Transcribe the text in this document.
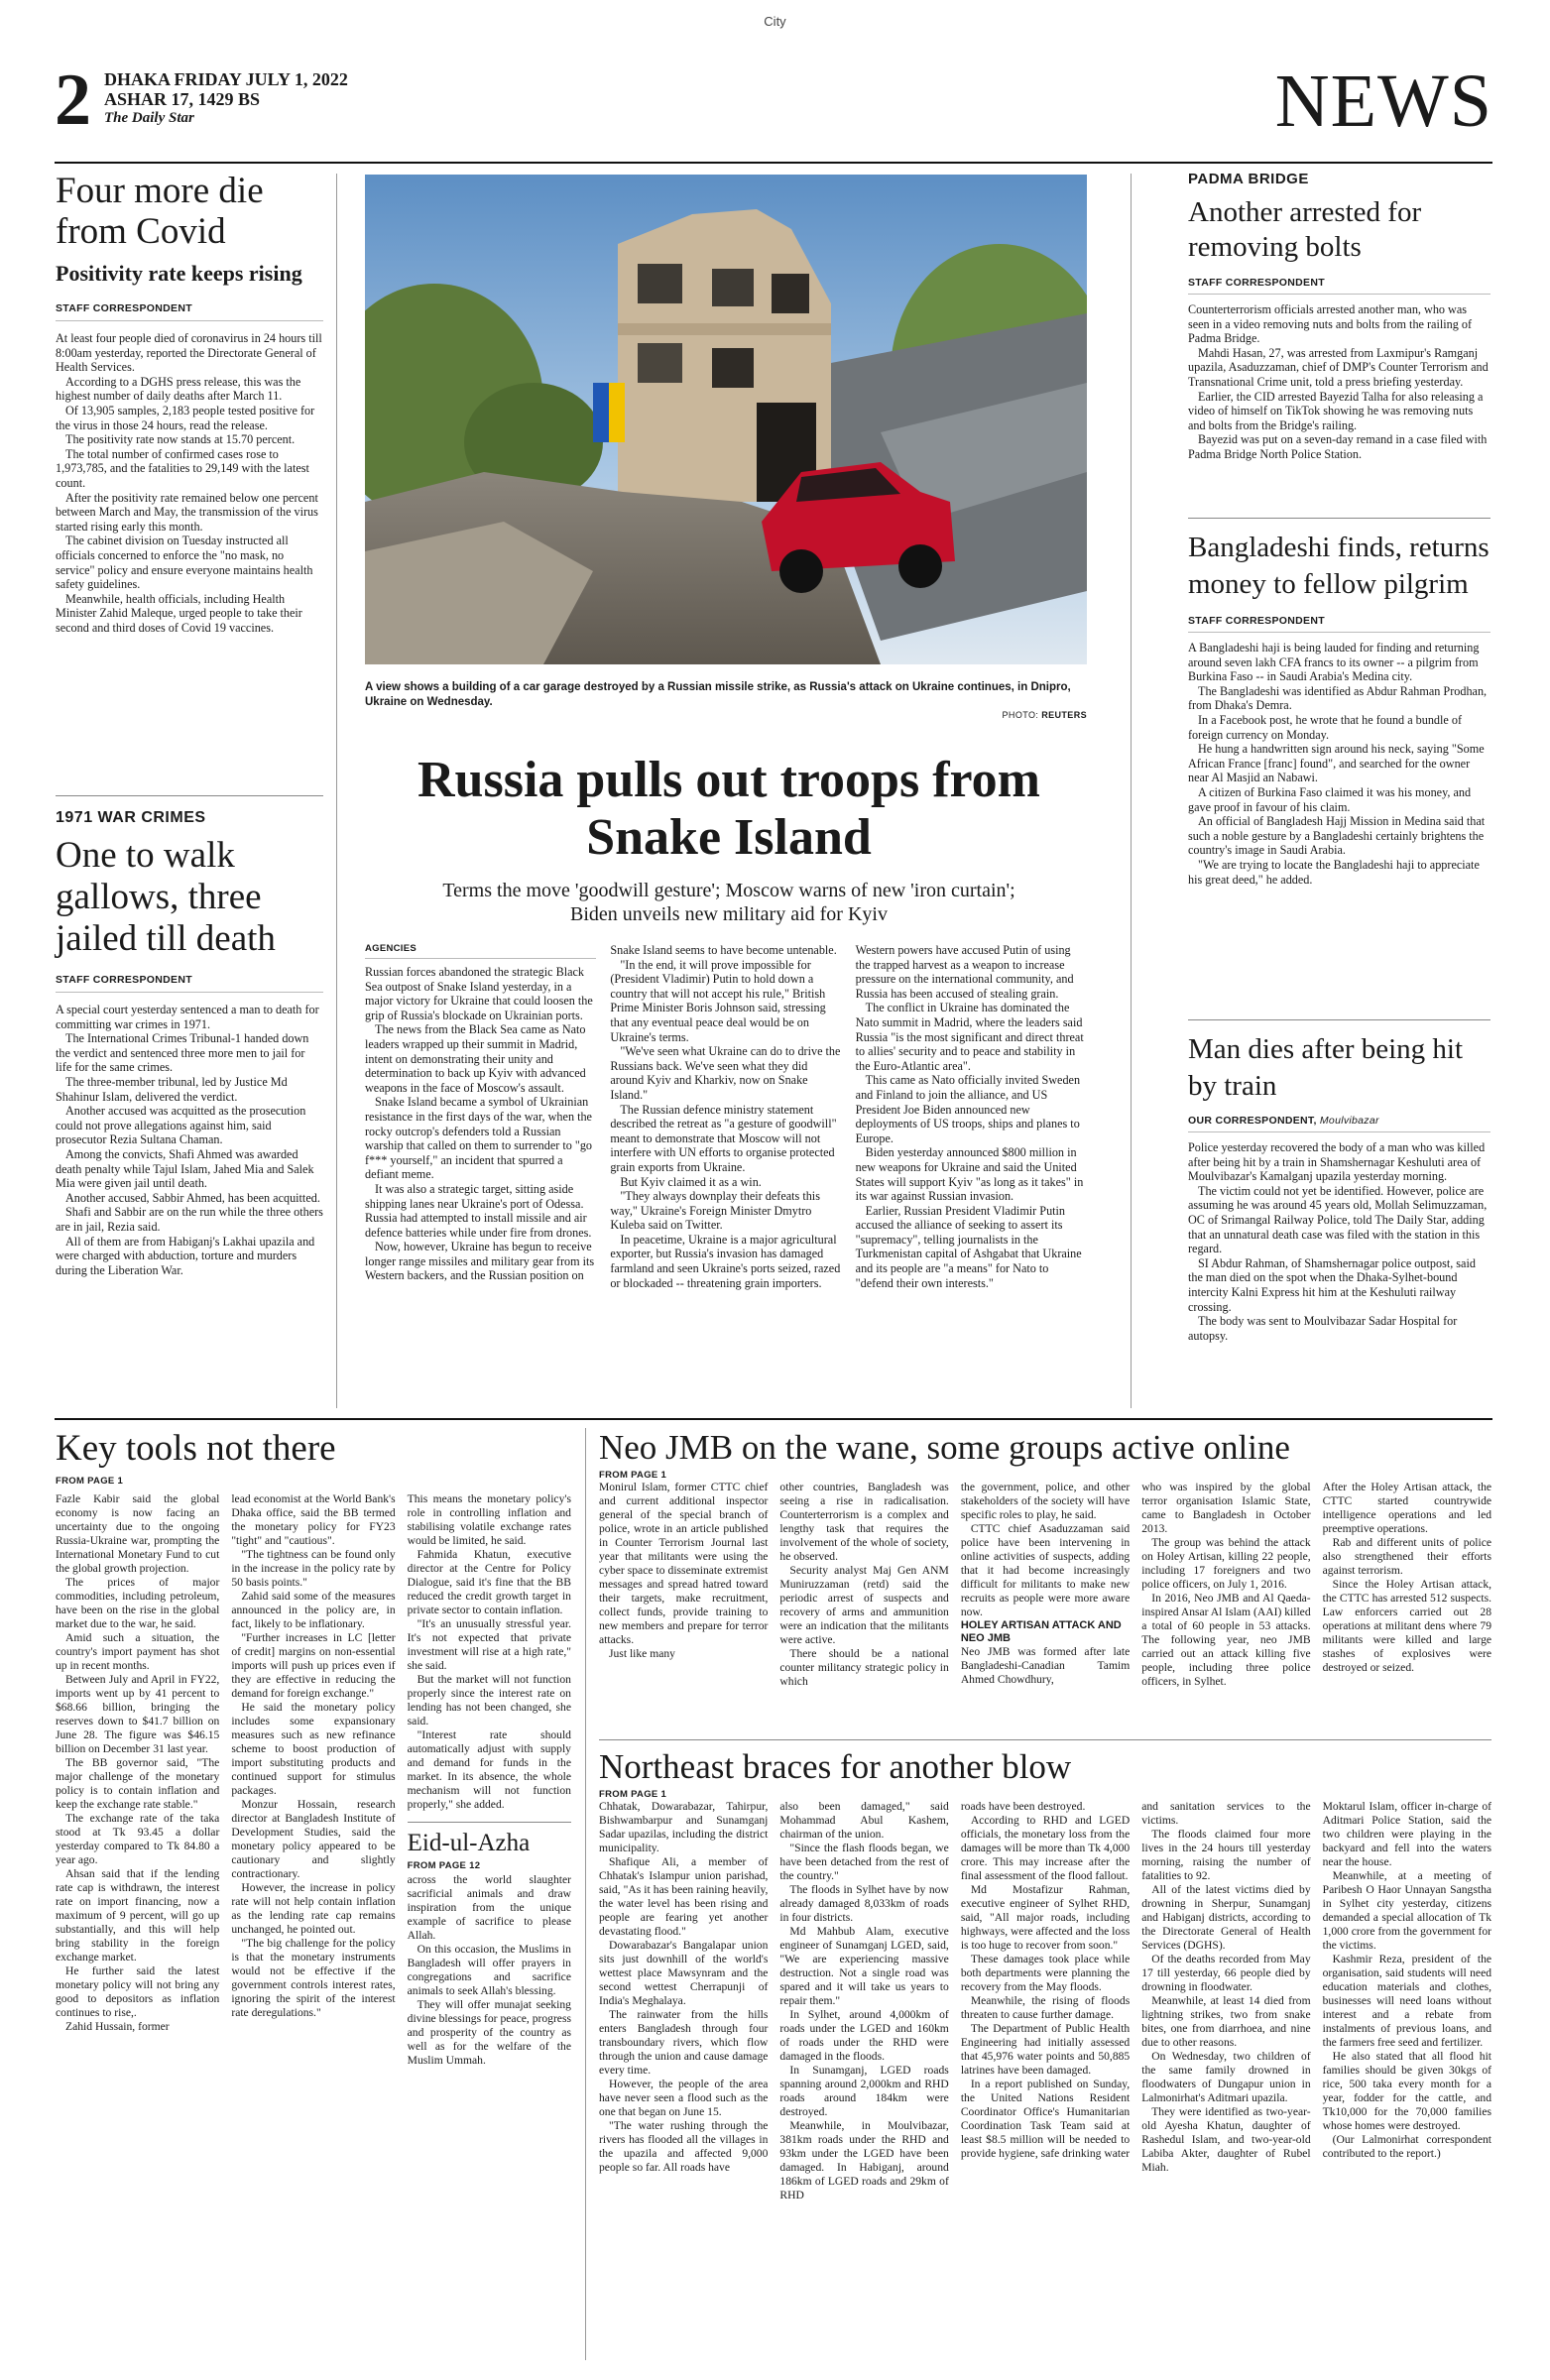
City
2 DHAKA FRIDAY JULY 1, 2022
ASHAR 17, 1429 BS
The Daily Star	NEWS
Four more die from Covid
Positivity rate keeps rising
STAFF CORRESPONDENT

At least four people died of coronavirus in 24 hours till 8:00am yesterday, reported the Directorate General of Health Services.

According to a DGHS press release, this was the highest number of daily deaths after March 11.

Of 13,905 samples, 2,183 people tested positive for the virus in those 24 hours, read the release.

The positivity rate now stands at 15.70 percent.

The total number of confirmed cases rose to 1,973,785, and the fatalities to 29,149 with the latest count.

After the positivity rate remained below one percent between March and May, the transmission of the virus started rising early this month.

The cabinet division on Tuesday instructed all officials concerned to enforce the "no mask, no service" policy and ensure everyone maintains health safety guidelines.

Meanwhile, health officials, including Health Minister Zahid Maleque, urged people to take their second and third doses of Covid 19 vaccines.

1971 WAR CRIMES
One to walk gallows, three jailed till death
STAFF CORRESPONDENT

A special court yesterday sentenced a man to death for committing war crimes in 1971.

The International Crimes Tribunal-1 handed down the verdict and sentenced three more men to jail for life for the same crimes.

The three-member tribunal, led by Justice Md Shahinur Islam, delivered the verdict.

Another accused was acquitted as the prosecution could not prove allegations against him, said prosecutor Rezia Sultana Chaman.

Among the convicts, Shafi Ahmed was awarded death penalty while Tajul Islam, Jahed Mia and Salek Mia were given jail until death.

Another accused, Sabbir Ahmed, has been acquitted.

Shafi and Sabbir are on the run while the three others are in jail, Rezia said.

All of them are from Habiganj's Lakhai upazila and were charged with abduction, torture and murders during the Liberation War.

A view shows a building of a car garage destroyed by a Russian missile strike, as Russia's attack on Ukraine continues, in Dnipro, Ukraine on Wednesday.
PHOTO: REUTERS
Russia pulls out troops from Snake Island
Terms the move 'goodwill gesture'; Moscow warns of new 'iron curtain'; Biden unveils new military aid for Kyiv
AGENCIES

Russian forces abandoned the strategic Black Sea outpost of Snake Island yesterday, in a major victory for Ukraine that could loosen the grip of Russia's blockade on Ukrainian ports.

The news from the Black Sea came as Nato leaders wrapped up their summit in Madrid, intent on demonstrating their unity and determination to back up Kyiv with advanced weapons in the face of Moscow's assault.

Snake Island became a symbol of Ukrainian resistance in the first days of the war, when the rocky outcrop's defenders told a Russian warship that called on them to surrender to "go f*** yourself," an incident that spurred a defiant meme.

It was also a strategic target, sitting aside shipping lanes near Ukraine's port of Odessa. Russia had attempted to install missile and air defence batteries while under fire from drones.

Now, however, Ukraine has begun to receive longer range missiles and military gear from its Western backers, and the Russian position on

Snake Island seems to have become untenable.

"In the end, it will prove impossible for (President Vladimir) Putin to hold down a country that will not accept his rule," British Prime Minister Boris Johnson said, stressing that any eventual peace deal would be on Ukraine's terms.

"We've seen what Ukraine can do to drive the Russians back. We've seen what they did around Kyiv and Kharkiv, now on Snake Island."

The Russian defence ministry statement described the retreat as "a gesture of goodwill" meant to demonstrate that Moscow will not interfere with UN efforts to organise protected grain exports from Ukraine.

But Kyiv claimed it as a win.

"They always downplay their defeats this way," Ukraine's Foreign Minister Dmytro Kuleba said on Twitter.

In peacetime, Ukraine is a major agricultural exporter, but Russia's invasion has damaged farmland and seen Ukraine's ports seized, razed or blockaded -- threatening grain importers.

Western powers have accused Putin of using the trapped harvest as a weapon to increase pressure on the international community, and Russia has been accused of stealing grain.

The conflict in Ukraine has dominated the Nato summit in Madrid, where the leaders said Russia "is the most significant and direct threat to allies' security and to peace and stability in the Euro-Atlantic area".

This came as Nato officially invited Sweden and Finland to join the alliance, and US President Joe Biden announced new deployments of US troops, ships and planes to Europe.

Biden yesterday announced $800 million in new weapons for Ukraine and said the United States will support Kyiv "as long as it takes" in its war against Russian invasion.

Earlier, Russian President Vladimir Putin accused the alliance of seeking to assert its "supremacy", telling journalists in the Turkmenistan capital of Ashgabat that Ukraine and its people are "a means" for Nato to "defend their own interests."

PADMA BRIDGE
Another arrested for removing bolts
STAFF CORRESPONDENT

Counterterrorism officials arrested another man, who was seen in a video removing nuts and bolts from the railing of Padma Bridge.

Mahdi Hasan, 27, was arrested from Laxmipur's Ramganj upazila, Asaduzzaman, chief of DMP's Counter Terrorism and Transnational Crime unit, told a press briefing yesterday.

Earlier, the CID arrested Bayezid Talha for also releasing a video of himself on TikTok showing he was removing nuts and bolts from the Bridge's railing.

Bayezid was put on a seven-day remand in a case filed with Padma Bridge North Police Station.

Bangladeshi finds, returns money to fellow pilgrim
STAFF CORRESPONDENT

A Bangladeshi haji is being lauded for finding and returning around seven lakh CFA francs to its owner -- a pilgrim from Burkina Faso -- in Saudi Arabia's Medina city.

The Bangladeshi was identified as Abdur Rahman Prodhan, from Dhaka's Demra.

In a Facebook post, he wrote that he found a bundle of foreign currency on Monday.

He hung a handwritten sign around his neck, saying "Some African France [franc] found", and searched for the owner near Al Masjid an Nabawi.

A citizen of Burkina Faso claimed it was his money, and gave proof in favour of his claim.

An official of Bangladesh Hajj Mission in Medina said that such a noble gesture by a Bangladeshi certainly brightens the country's image in Saudi Arabia.

"We are trying to locate the Bangladeshi haji to appreciate his great deed," he added.

Man dies after being hit by train
OUR CORRESPONDENT, Moulvibazar

Police yesterday recovered the body of a man who was killed after being hit by a train in Shamshernagar Keshuluti area of Moulvibazar's Kamalganj upazila yesterday morning.

The victim could not yet be identified. However, police are assuming he was around 45 years old, Mollah Selimuzzaman, OC of Srimangal Railway Police, told The Daily Star, adding that an unnatural death case was filed with the station in this regard.

SI Abdur Rahman, of Shamshernagar police outpost, said the man died on the spot when the Dhaka-Sylhet-bound intercity Kalni Express hit him at the Keshuluti railway crossing.

The body was sent to Moulvibazar Sadar Hospital for autopsy.

Key tools not there
FROM PAGE 1

Fazle Kabir said the global economy is now facing an uncertainty due to the ongoing Russia-Ukraine war, prompting the International Monetary Fund to cut the global growth projection.

The prices of major commodities, including petroleum, have been on the rise in the global market due to the war, he said.

Amid such a situation, the country's import payment has shot up in recent months.

Between July and April in FY22, imports went up by 41 percent to $68.66 billion, bringing the reserves down to $41.7 billion on June 28. The figure was $46.15 billion on December 31 last year.

The BB governor said, "The major challenge of the monetary policy is to contain inflation and keep the exchange rate stable."

The exchange rate of the taka stood at Tk 93.45 a dollar yesterday compared to Tk 84.80 a year ago.

Ahsan said that if the lending rate cap is withdrawn, the interest rate on import financing, now a maximum of 9 percent, will go up substantially, and this will help bring stability in the foreign exchange market.

He further said the latest monetary policy will not bring any good to depositors as inflation continues to rise,.

Zahid Hussain, former

lead economist at the World Bank's Dhaka office, said the BB termed the monetary policy for FY23 "tight" and "cautious".

"The tightness can be found only in the increase in the policy rate by 50 basis points."

Zahid said some of the measures announced in the policy are, in fact, likely to be inflationary.

"Further increases in LC [letter of credit] margins on non-essential imports will push up prices even if they are effective in reducing the demand for foreign exchange."

He said the monetary policy includes some expansionary measures such as new refinance scheme to boost production of import substituting products and continued support for stimulus packages.

Monzur Hossain, research director at Bangladesh Institute of Development Studies, said the monetary policy appeared to be cautionary and slightly contractionary.

However, the increase in policy rate will not help contain inflation as the lending rate cap remains unchanged, he pointed out.

"The big challenge for the policy is that the monetary instruments would not be effective if the government controls interest rates, ignoring the spirit of the interest rate deregulations."

This means the monetary policy's role in controlling inflation and stabilising volatile exchange rates would be limited, he said.

Fahmida Khatun, executive director at the Centre for Policy Dialogue, said it's fine that the BB reduced the credit growth target in private sector to contain inflation.

"It's an unusually stressful year. It's not expected that private investment will rise at a high rate," she said.

But the market will not function properly since the interest rate on lending has not been changed, she said.

"Interest rate should automatically adjust with supply and demand for funds in the market. In its absence, the whole mechanism will not function properly," she added.

Eid-ul-Azha
FROM PAGE 12

across the world slaughter sacrificial animals and draw inspiration from the unique example of sacrifice to please Allah.

On this occasion, the Muslims in Bangladesh will offer prayers in congregations and sacrifice animals to seek Allah's blessing.

They will offer munajat seeking divine blessings for peace, progress and prosperity of the country as well as for the welfare of the Muslim Ummah.

Neo JMB on the wane, some groups active online
FROM PAGE 1

Monirul Islam, former CTTC chief and current additional inspector general of the special branch of police, wrote in an article published in Counter Terrorism Journal last year that militants were using the cyber space to disseminate extremist messages and spread hatred toward their targets, make recruitment, collect funds, provide training to new members and prepare for terror attacks.

Just like many

other countries, Bangladesh was seeing a rise in radicalisation. Counterterrorism is a complex and lengthy task that requires the involvement of the whole of society, he observed.

Security analyst Maj Gen ANM Muniruzzaman (retd) said the periodic arrest of suspects and recovery of arms and ammunition were an indication that the militants were active.

There should be a national counter militancy strategic policy in which

the government, police, and other stakeholders of the society will have specific roles to play, he said.

CTTC chief Asaduzzaman said police have been intervening in online activities of suspects, adding that it had become increasingly difficult for militants to make new recruits as people were more aware now.

HOLEY ARTISAN ATTACK AND NEO JMB

Neo JMB was formed after late Bangladeshi-Canadian Tamim Ahmed Chowdhury,

who was inspired by the global terror organisation Islamic State, came to Bangladesh in October 2013.

The group was behind the attack on Holey Artisan, killing 22 people, including 17 foreigners and two police officers, on July 1, 2016.

In 2016, Neo JMB and Al Qaeda-inspired Ansar Al Islam (AAI) killed a total of 60 people in 53 attacks. The following year, neo JMB carried out an attack killing five people, including three police officers, in Sylhet.

After the Holey Artisan attack, the CTTC started countrywide intelligence operations and led preemptive operations.

Rab and different units of police also strengthened their efforts against terrorism.

Since the Holey Artisan attack, the CTTC has arrested 512 suspects. Law enforcers carried out 28 operations at militant dens where 79 militants were killed and large stashes of explosives were destroyed or seized.

Northeast braces for another blow
FROM PAGE 1

Chhatak, Dowarabazar, Tahirpur, Bishwambarpur and Sunamganj Sadar upazilas, including the district municipality.

Shafique Ali, a member of Chhatak's Islampur union parishad, said, "As it has been raining heavily, the water level has been rising and people are fearing yet another devastating flood."

Dowarabazar's Bangalapar union sits just downhill of the world's wettest place Mawsynram and the second wettest Cherrapunji of India's Meghalaya.

The rainwater from the hills enters Bangladesh through four transboundary rivers, which flow through the union and cause damage every time.

However, the people of the area have never seen a flood such as the one that began on June 15.

"The water rushing through the rivers has flooded all the villages in the upazila and affected 9,000 people so far. All roads have

also been damaged," said Mohammad Abul Kashem, chairman of the union.

"Since the flash floods began, we have been detached from the rest of the country."

The floods in Sylhet have by now already damaged 8,033km of roads in four districts.

Md Mahbub Alam, executive engineer of Sunamganj LGED, said, "We are experiencing massive destruction. Not a single road was spared and it will take us years to repair them."

In Sylhet, around 4,000km of roads under the LGED and 160km of roads under the RHD were damaged in the floods.

In Sunamganj, LGED roads spanning around 2,000km and RHD roads around 184km were destroyed.

Meanwhile, in Moulvibazar, 381km roads under the RHD and 93km under the LGED have been damaged. In Habiganj, around 186km of LGED roads and 29km of RHD

roads have been destroyed.

According to RHD and LGED officials, the monetary loss from the damages will be more than Tk 4,000 crore. This may increase after the final assessment of the flood fallout.

Md Mostafizur Rahman, executive engineer of Sylhet RHD, said, "All major roads, including highways, were affected and the loss is too huge to recover from soon."

These damages took place while both departments were planning the recovery from the May floods.

Meanwhile, the rising of floods threaten to cause further damage.

The Department of Public Health Engineering had initially assessed that 45,976 water points and 50,885 latrines have been damaged.

In a report published on Sunday, the United Nations Resident Coordinator Office's Humanitarian Coordination Task Team said at least $8.5 million will be needed to provide hygiene, safe drinking water

and sanitation services to the victims.

The floods claimed four more lives in the 24 hours till yesterday morning, raising the number of fatalities to 92.

All of the latest victims died by drowning in Sherpur, Sunamganj and Habiganj districts, according to the Directorate General of Health Services (DGHS).

Of the deaths recorded from May 17 till yesterday, 66 people died by drowning in floodwater.

Meanwhile, at least 14 died from lightning strikes, two from snake bites, one from diarrhoea, and nine due to other reasons.

On Wednesday, two children of the same family drowned in floodwaters of Dungapur union in Lalmonirhat's Aditmari upazila.

They were identified as two-year-old Ayesha Khatun, daughter of Rashedul Islam, and two-year-old Labiba Akter, daughter of Rubel Miah.

Moktarul Islam, officer in-charge of Aditmari Police Station, said the two children were playing in the backyard and fell into the waters near the house.

Meanwhile, at a meeting of Paribesh O Haor Unnayan Sangstha in Sylhet city yesterday, citizens demanded a special allocation of Tk 1,000 crore from the government for the victims.

Kashmir Reza, president of the organisation, said students will need education materials and clothes, businesses will need loans without interest and a rebate from instalments of previous loans, and the farmers free seed and fertilizer.

He also stated that all flood hit families should be given 30kgs of rice, 500 taka every month for a year, fodder for the cattle, and Tk10,000 for the 70,000 families whose homes were destroyed.

(Our Lalmonirhat correspondent contributed to the report.)
